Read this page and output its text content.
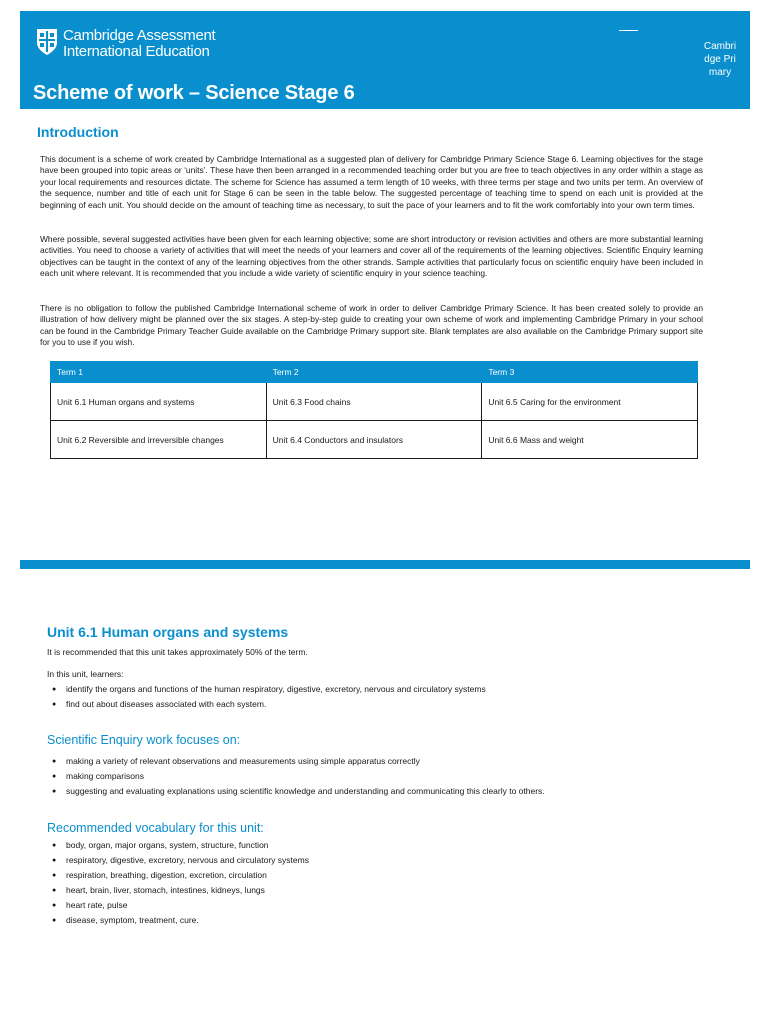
Cambridge Assessment
International Education
Scheme of work – Science Stage 6
Cambridge Primary
Introduction

This document is a scheme of work created by Cambridge International as a suggested plan of delivery for Cambridge Primary Science Stage 6. Learning objectives for the stage have been grouped into topic areas or ‘units’. These have then been arranged in a recommended teaching order but you are free to teach objectives in any order within a stage as your local requirements and resources dictate. The scheme for Science has assumed a term length of 10 weeks, with three terms per stage and two units per term. An overview of the sequence, number and title of each unit for Stage 6 can be seen in the table below. The suggested percentage of teaching time to spend on each unit is provided at the beginning of each unit. You should decide on the amount of teaching time as necessary, to suit the pace of your learners and to fit the work comfortably into your own term times.

Where possible, several suggested activities have been given for each learning objective; some are short introductory or revision activities and others are more substantial learning activities. You need to choose a variety of activities that will meet the needs of your learners and cover all of the requirements of the learning objectives. Scientific Enquiry learning objectives can be taught in the context of any of the learning objectives from the other strands. Sample activities that particularly focus on scientific enquiry have been included in each unit where relevant. It is recommended that you include a wide variety of scientific enquiry in your science teaching.

There is no obligation to follow the published Cambridge International scheme of work in order to deliver Cambridge Primary Science. It has been created solely to provide an illustration of how delivery might be planned over the six stages. A step-by-step guide to creating your own scheme of work and implementing Cambridge Primary in your school can be found in the Cambridge Primary Teacher Guide available on the Cambridge Primary support site. Blank templates are also available on the Cambridge Primary support site for you to use if you wish.

Term 1	Term 2	Term 3
Unit 6.1 Human organs and systems	Unit 6.3 Food chains	Unit 6.5 Caring for the environment
Unit 6.2 Reversible and irreversible changes	Unit 6.4 Conductors and insulators	Unit 6.6 Mass and weight
Unit 6.1 Human organs and systems

It is recommended that this unit takes approximately 50% of the term.

In this unit, learners:

● identify the organs and functions of the human respiratory, digestive, excretory, nervous and circulatory systems
● find out about diseases associated with each system.
Scientific Enquiry work focuses on:
● making a variety of relevant observations and measurements using simple apparatus correctly
● making comparisons
● suggesting and evaluating explanations using scientific knowledge and understanding and communicating this clearly to others.
Recommended vocabulary for this unit:
● body, organ, major organs, system, structure, function
● respiratory, digestive, excretory, nervous and circulatory systems
● respiration, breathing, digestion, excretion, circulation
● heart, brain, liver, stomach, intestines, kidneys, lungs
● heart rate, pulse
● disease, symptom, treatment, cure.
